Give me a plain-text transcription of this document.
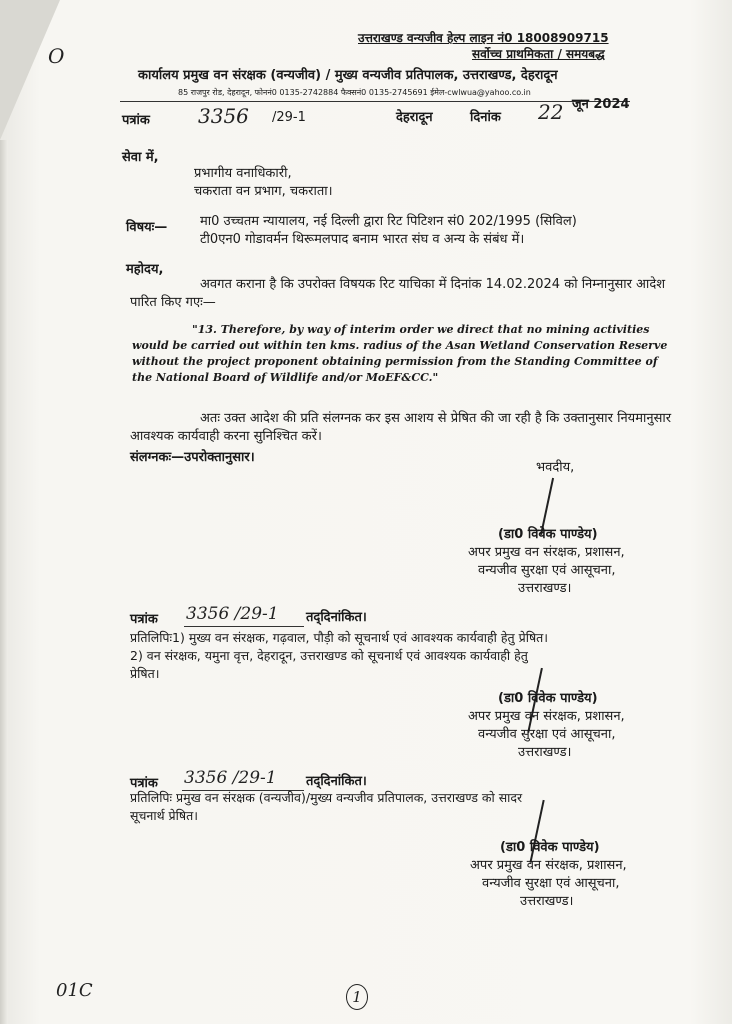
O
उत्तराखण्ड वन्यजीव हेल्प लाइन नं0 18008909715
सर्वोच्च प्राथमिकता / समयबद्ध
कार्यालय प्रमुख वन संरक्षक (वन्यजीव) / मुख्य वन्यजीव प्रतिपालक, उत्तराखण्ड, देहरादून
85 राजपुर रोड, देहरादून, फोननं0 0135-2742884 फैक्सनं0 0135-2745691 ईमेल-cwlwua@yahoo.co.in
पत्रांक 3356 /29-1	देहरादून	दिनांक 22 जून 2024
सेवा में,
प्रभागीय वनाधिकारी,
चकराता वन प्रभाग, चकराता।
विषयः—	मा0 उच्चतम न्यायालय, नई दिल्ली द्वारा रिट पिटिशन सं0 202/1995 (सिविल)
टी0एन0 गोडावर्मन थिरूमलपाद बनाम भारत संघ व अन्य के संबंध में।
महोदय,
अवगत कराना है कि उपरोक्त विषयक रिट याचिका में दिनांक 14.02.2024 को निम्नानुसार आदेश पारित किए गएः—
"13. Therefore, by way of interim order we direct that no mining activities would be carried out within ten kms. radius of the Asan Wetland Conservation Reserve without the project proponent obtaining permission from the Standing Committee of the National Board of Wildlife and/or MoEF&CC."
अतः उक्त आदेश की प्रति संलग्नक कर इस आशय से प्रेषित की जा रही है कि उक्तानुसार नियमानुसार आवश्यक कार्यवाही करना सुनिश्चित करें।
संलग्नकः—उपरोक्तानुसार।
भवदीय,
(डा0 विवेक पाण्डेय)
अपर प्रमुख वन संरक्षक, प्रशासन,
वन्यजीव सुरक्षा एवं आसूचना,
उत्तराखण्ड।
पत्रांक 3356 /29-1 तद्‌दिनांकित।
प्रतिलिपिः1) मुख्य वन संरक्षक, गढ़वाल, पौड़ी को सूचनार्थ एवं आवश्यक कार्यवाही हेतु प्रेषित।
2) वन संरक्षक, यमुना वृत्त, देहरादून, उत्तराखण्ड को सूचनार्थ एवं आवश्यक कार्यवाही हेतु
प्रेषित।
(डा0 विवेक पाण्डेय)
अपर प्रमुख वन संरक्षक, प्रशासन,
वन्यजीव सुरक्षा एवं आसूचना,
उत्तराखण्ड।
पत्रांक 3356 /29-1 तद्‌दिनांकित।
प्रतिलिपिः प्रमुख वन संरक्षक (वन्यजीव)/मुख्य वन्यजीव प्रतिपालक, उत्तराखण्ड को सादर
सूचनार्थ प्रेषित।
(डा0 विवेक पाण्डेय)
अपर प्रमुख वन संरक्षक, प्रशासन,
वन्यजीव सुरक्षा एवं आसूचना,
उत्तराखण्ड।
01C	1
